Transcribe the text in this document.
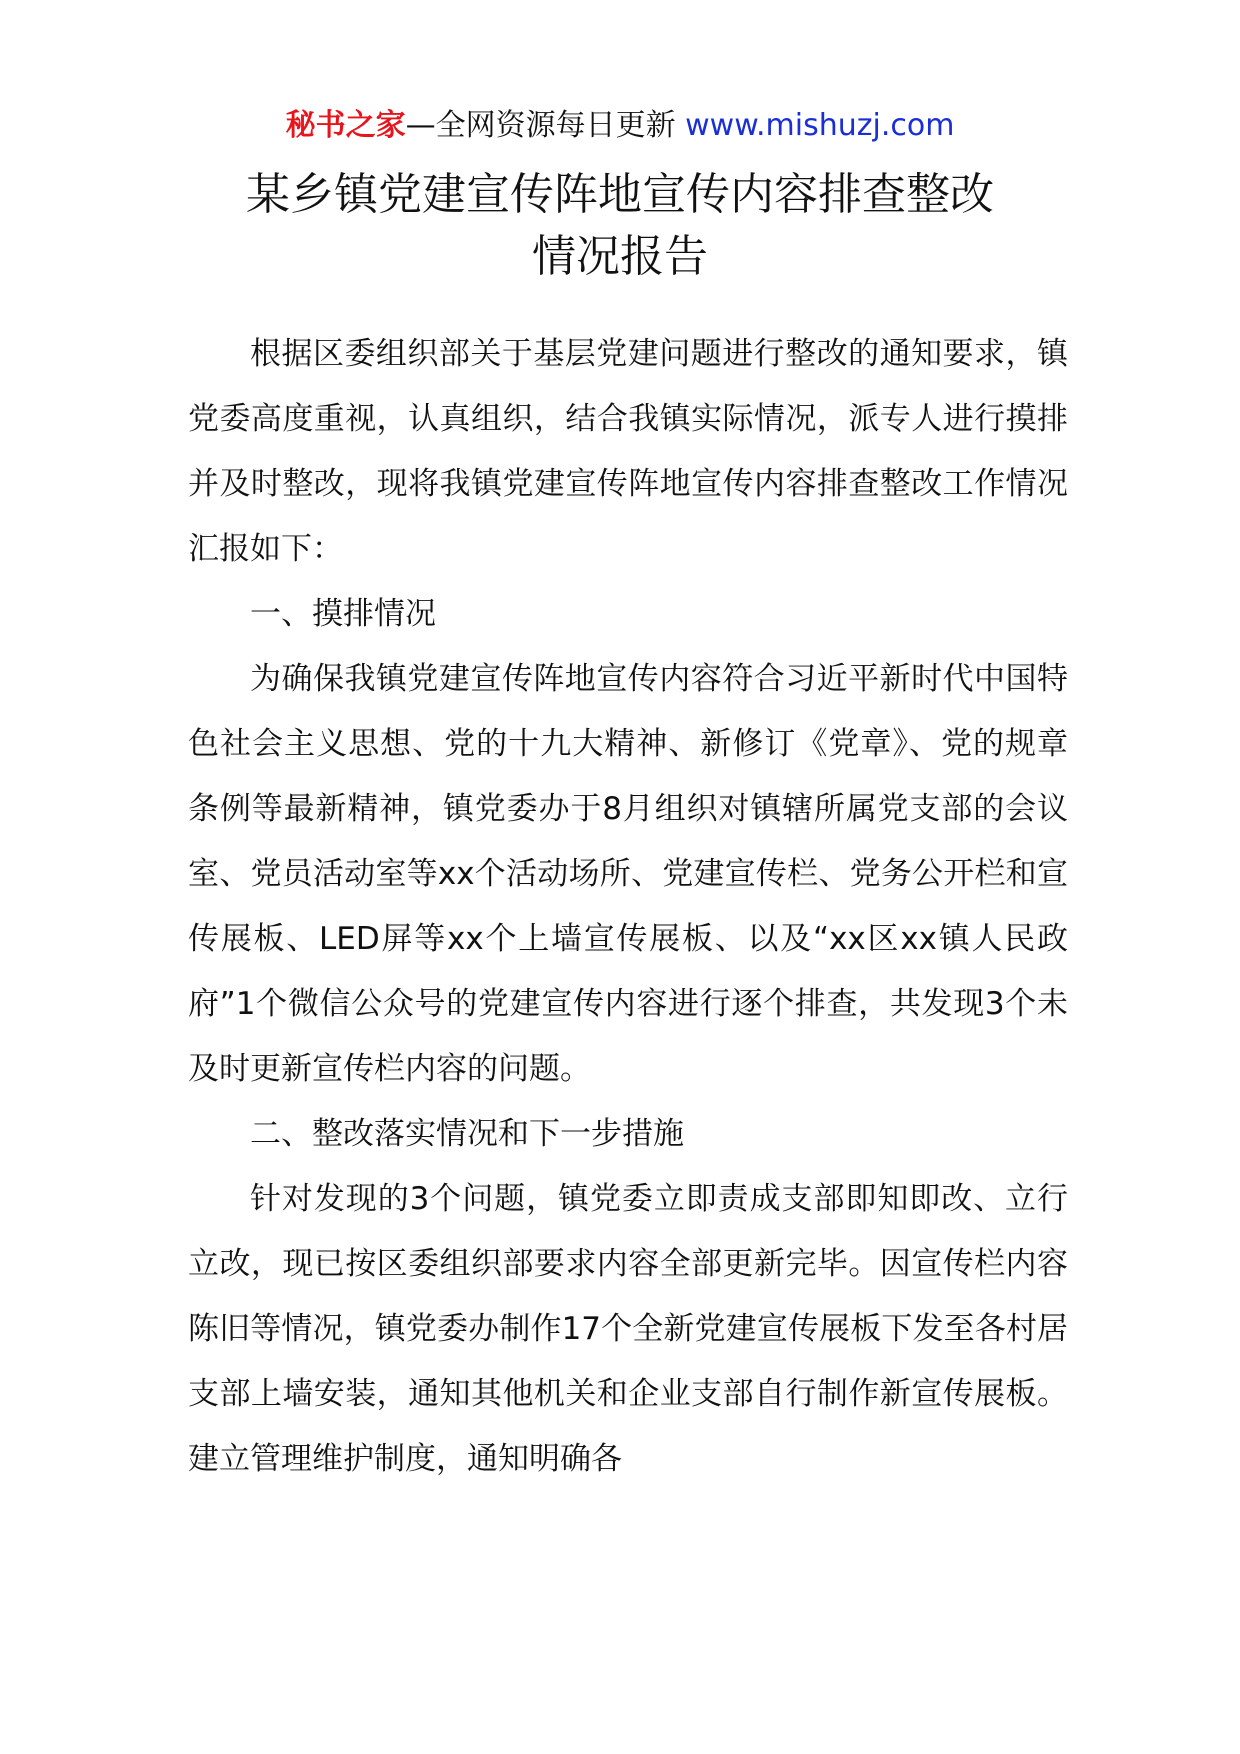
秘书之家—全网资源每日更新 www.mishuzj.com
某乡镇党建宣传阵地宣传内容排查整改
情况报告

根据区委组织部关于基层党建问题进行整改的通知要求，镇党委高度重视，认真组织，结合我镇实际情况，派专人进行摸排并及时整改，现将我镇党建宣传阵地宣传内容排查整改工作情况汇报如下：

一、摸排情况

为确保我镇党建宣传阵地宣传内容符合习近平新时代中国特色社会主义思想、党的十九大精神、新修订《党章》、党的规章条例等最新精神，镇党委办于8月组织对镇辖所属党支部的会议室、党员活动室等xx个活动场所、党建宣传栏、党务公开栏和宣传展板、LED屏等xx个上墙宣传展板、以及“xx区xx镇人民政府”1个微信公众号的党建宣传内容进行逐个排查，共发现3个未及时更新宣传栏内容的问题。

二、整改落实情况和下一步措施

针对发现的3个问题，镇党委立即责成支部即知即改、立行立改，现已按区委组织部要求内容全部更新完毕。因宣传栏内容陈旧等情况，镇党委办制作17个全新党建宣传展板下发至各村居支部上墙安装，通知其他机关和企业支部自行制作新宣传展板。建立管理维护制度，通知明确各
